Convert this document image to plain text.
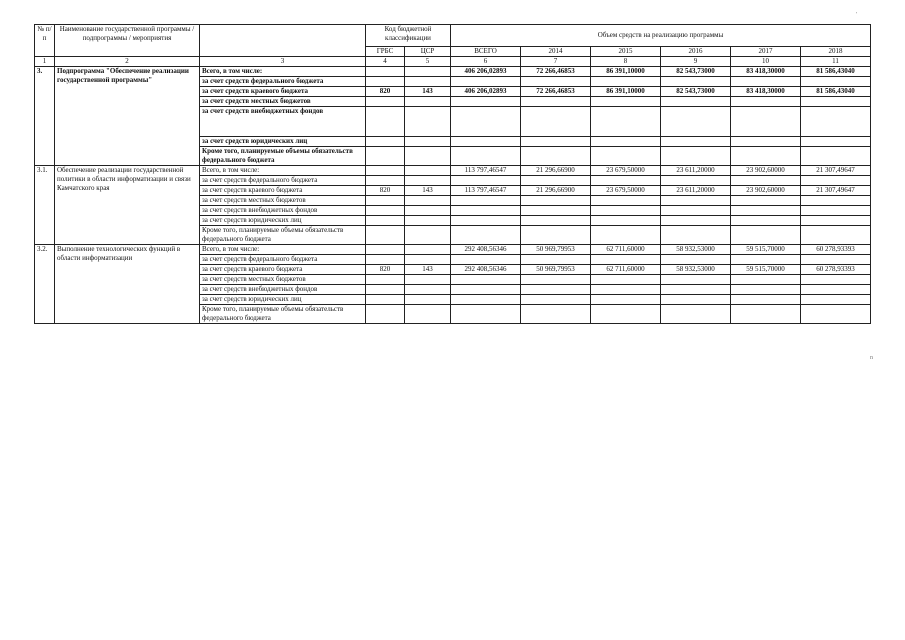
'
№ п/п	Наименование государственной программы / подпрограммы / мероприятия		Код бюджетной классификации		Объем средств на реализацию программы					
			ГРБС	ЦСР	ВСЕГО	2014	2015	2016	2017	2018
1	2	3	4	5	6	7	8	9	10	11
3.	Подпрограмма "Обеспечение реализации государственной программы"	Всего, в том числе:			406 206,02893	72 266,46853	86 391,10000	82 543,73000	83 418,30000	81 586,43040
		за счет средств федерального бюджета								
		за счет средств краевого бюджета	820	143	406 206,02893	72 266,46853	86 391,10000	82 543,73000	83 418,30000	81 586,43040
		за счет средств местных бюджетов								
		за счет средств внебюджетных фондов								
		за счет средств юридических лиц								
		Кроме того, планируемые объемы обязательств федерального бюджета								
3.1.	Обеспечение реализации государственной политики в области информатизации и связи Камчатского края	Всего, в том числе:			113 797,46547	21 296,66900	23 679,50000	23 611,20000	23 902,60000	21 307,49647
		за счет средств федерального бюджета								
		за счет средств краевого бюджета	820	143	113 797,46547	21 296,66900	23 679,50000	23 611,20000	23 902,60000	21 307,49647
		за счет средств местных бюджетов								
		за счет средств внебюджетных фондов								
		за счет средств юридических лиц								
		Кроме того, планируемые объемы обязательств федерального бюджета								
3.2.	Выполнение технологических функций в области информатизации	Всего, в том числе:			292 408,56346	50 969,79953	62 711,60000	58 932,53000	59 515,70000	60 278,93393
		за счет средств федерального бюджета								
		за счет средств краевого бюджета	820	143	292 408,56346	50 969,79953	62 711,60000	58 932,53000	59 515,70000	60 278,93393
		за счет средств местных бюджетов								
		за счет средств внебюджетных фондов								
		за счет средств юридических лиц								
		Кроме того, планируемые объемы обязательств федерального бюджета								
n
